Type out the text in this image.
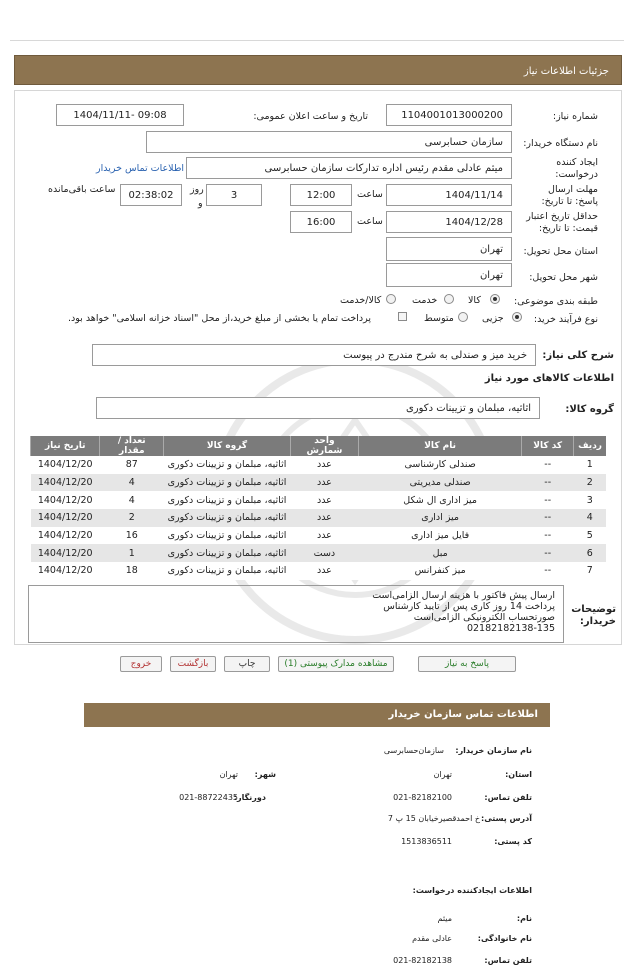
جزئیات اطلاعات نیاز
شماره نیاز:
1104001013000200
تاریخ و ساعت اعلان عمومی:
1404/11/11- 09:08
نام دستگاه خریدار:
سازمان حسابرسی
ایجاد کننده درخواست:
میثم عادلی مقدم رئیس اداره تدارکات سازمان حسابرسی
اطلاعات تماس خریدار
مهلت ارسال پاسخ: تا تاریخ:
1404/11/14
ساعت
12:00
3
روز
و
02:38:02
ساعت باقی‌مانده
حداقل تاریخ اعتبار قیمت: تا تاریخ:
1404/12/28
ساعت
16:00
استان محل تحویل:
تهران
شهر محل تحویل:
تهران
طبقه بندی موضوعی:
کالا
خدمت
کالا/خدمت
نوع فرآیند خرید:
جزیی
متوسط
پرداخت تمام یا بخشی از مبلغ خرید،از محل "اسناد خزانه اسلامی" خواهد بود.
شرح کلی نیاز:
خرید میز و صندلی به شرح مندرج در پیوست
اطلاعات کالاهای مورد نیاز
گروه کالا:
اثاثیه، مبلمان و تزیینات دکوری
ردیف	کد کالا	نام کالا	واحد شمارش	گروه کالا	تعداد / مقدار	تاریخ نیاز
1	--	صندلی کارشناسی	عدد	اثاثیه، مبلمان و تزیینات دکوری	87	1404/12/20
2	--	صندلی مدیریتی	عدد	اثاثیه، مبلمان و تزیینات دکوری	4	1404/12/20
3	--	میز اداری ال شکل	عدد	اثاثیه، مبلمان و تزیینات دکوری	4	1404/12/20
4	--	میز اداری	عدد	اثاثیه، مبلمان و تزیینات دکوری	2	1404/12/20
5	--	فایل میز اداری	عدد	اثاثیه، مبلمان و تزیینات دکوری	16	1404/12/20
6	--	مبل	دست	اثاثیه، مبلمان و تزیینات دکوری	1	1404/12/20
7	--	میز کنفرانس	عدد	اثاثیه، مبلمان و تزیینات دکوری	18	1404/12/20
توضیحات خریدار:
ارسال پیش فاکتور با هزینه ارسال الزامی‌است
پرداخت 14 روز کاری پس از تایید کارشناس
صورتحساب الکترونیکی الزامی‌است
02182182138-135
پاسخ به نیاز
مشاهده مدارک پیوستی (1)
چاپ
بازگشت
خروج
اطلاعات تماس سازمان خریدار
نام سازمان خریدار:
سازمان‌حسابرسی
استان:
تهران
شهر:
تهران
تلفن تماس:
021-82182100
دورنگار:
021-88722435
آدرس پستی:
خ احمدقصیرخیابان 15 پ 7
کد پستی:
1513836511
اطلاعات ایجادکننده درخواست:
نام:
میثم
نام خانوادگی:
عادلی مقدم
تلفن تماس:
021-82182138
